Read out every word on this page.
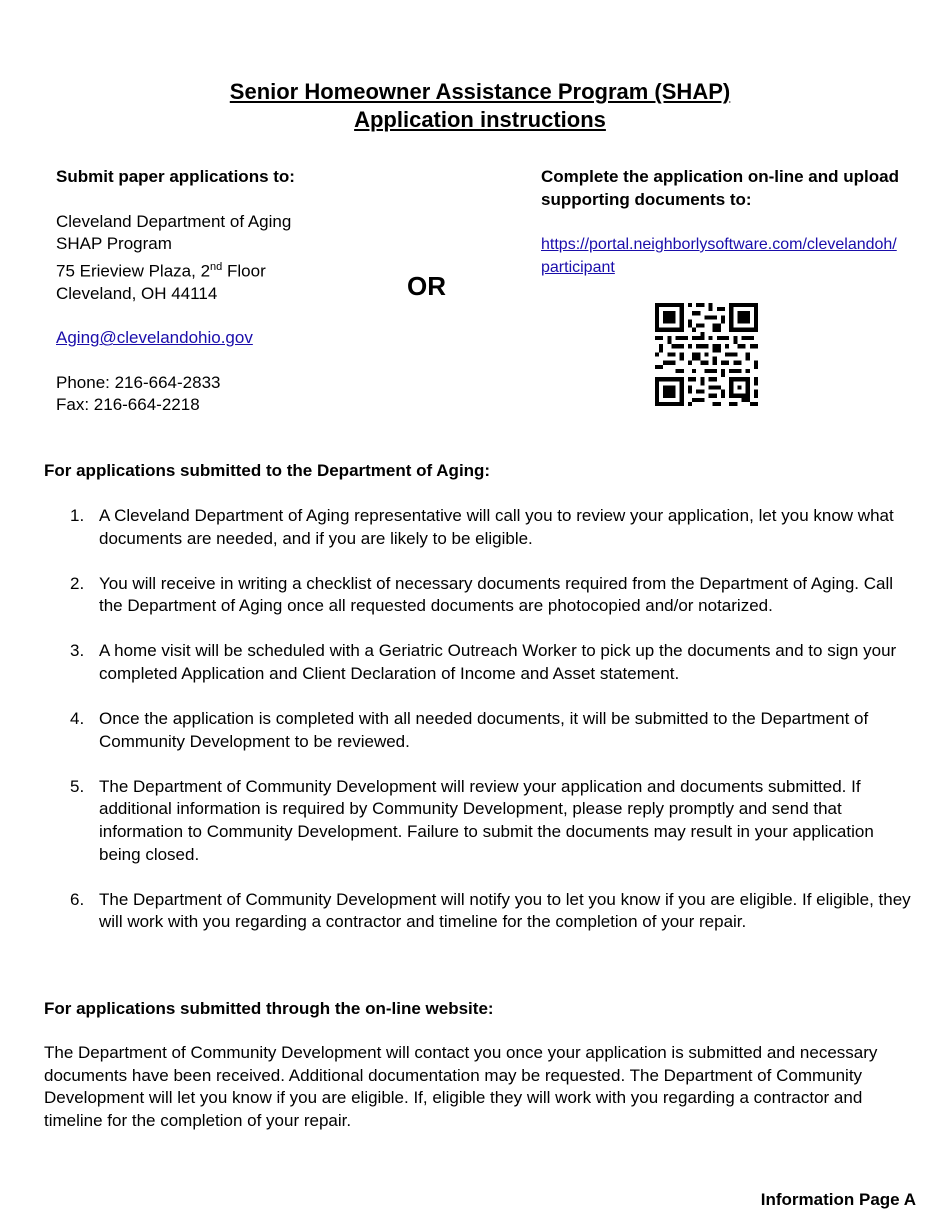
Senior Homeowner Assistance Program (SHAP)
Application instructions
Submit paper applications to:
Cleveland Department of Aging
SHAP Program
75 Erieview Plaza, 2nd Floor
Cleveland, OH 44114
Aging@clevelandohio.gov
Phone: 216-664-2833
Fax: 216-664-2218
OR
Complete the application on-line and upload supporting documents to:
https://portal.neighborlysoftware.com/clevelandoh/participant
For applications submitted to the Department of Aging:
1. A Cleveland Department of Aging representative will call you to review your application, let you know what documents are needed, and if you are likely to be eligible.
2. You will receive in writing a checklist of necessary documents required from the Department of Aging. Call the Department of Aging once all requested documents are photocopied and/or notarized.
3. A home visit will be scheduled with a Geriatric Outreach Worker to pick up the documents and to sign your completed Application and Client Declaration of Income and Asset statement.
4. Once the application is completed with all needed documents, it will be submitted to the Department of Community Development to be reviewed.
5. The Department of Community Development will review your application and documents submitted. If additional information is required by Community Development, please reply promptly and send that information to Community Development. Failure to submit the documents may result in your application being closed.
6. The Department of Community Development will notify you to let you know if you are eligible. If eligible, they will work with you regarding a contractor and timeline for the completion of your repair.
For applications submitted through the on-line website:
The Department of Community Development will contact you once your application is submitted and necessary documents have been received. Additional documentation may be requested. The Department of Community Development will let you know if you are eligible. If, eligible they will work with you regarding a contractor and timeline for the completion of your repair.
Information Page A
